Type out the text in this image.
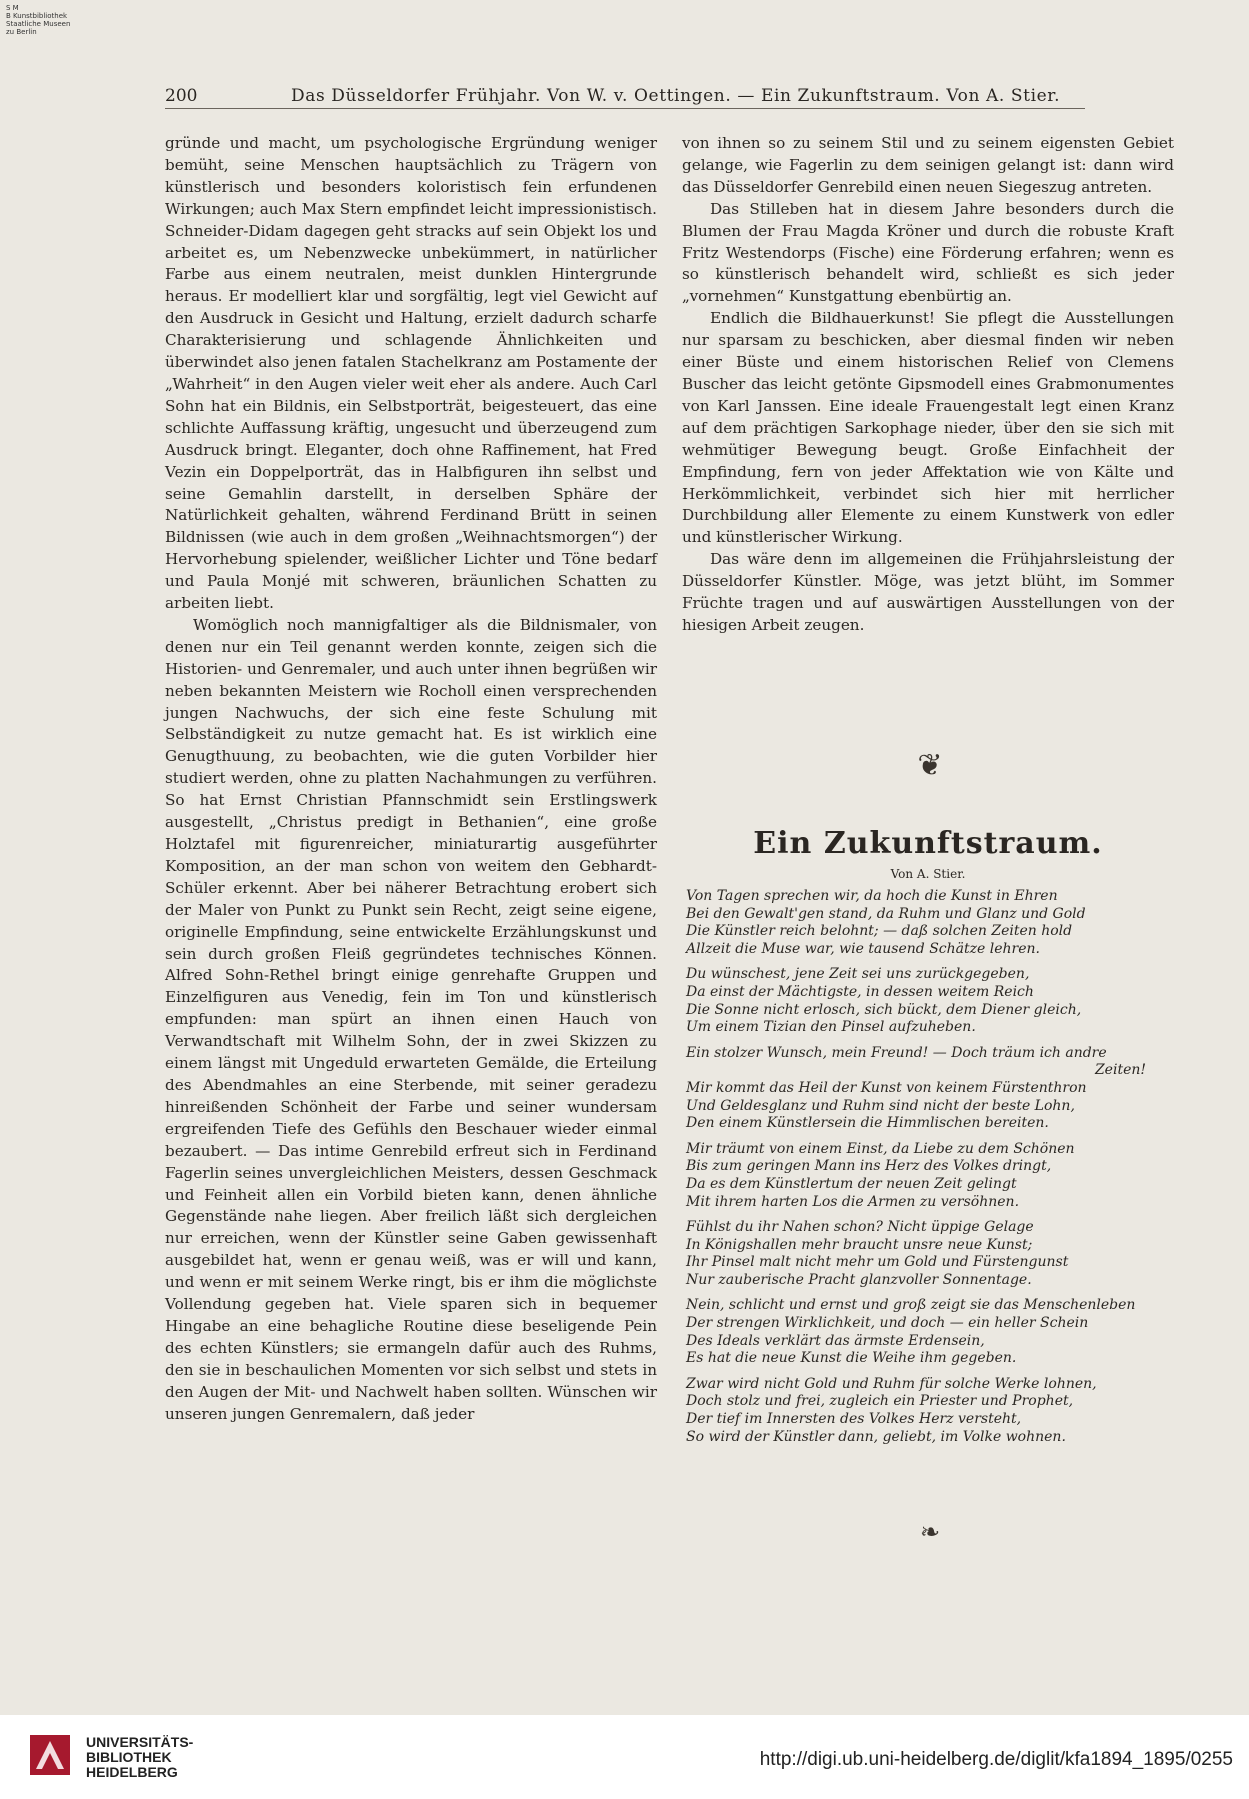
S M
B Kunstbibliothek
Staatliche Museen
zu Berlin
200	Das Düsseldorfer Frühjahr. Von W. v. Oettingen. — Ein Zukunftstraum. Von A. Stier.

gründe und macht, um psychologische Ergründung weniger bemüht, seine Menschen hauptsächlich zu Trägern von künstlerisch und besonders koloristisch fein erfundenen Wirkungen; auch Max Stern empfindet leicht impressionistisch. Schneider-Didam dagegen geht stracks auf sein Objekt los und arbeitet es, um Nebenzwecke unbekümmert, in natürlicher Farbe aus einem neutralen, meist dunklen Hintergrunde heraus. Er modelliert klar und sorgfältig, legt viel Gewicht auf den Ausdruck in Gesicht und Haltung, erzielt dadurch scharfe Charakterisierung und schlagende Ähnlichkeiten und überwindet also jenen fatalen Stachelkranz am Postamente der „Wahrheit“ in den Augen vieler weit eher als andere. Auch Carl Sohn hat ein Bildnis, ein Selbstporträt, beigesteuert, das eine schlichte Auffassung kräftig, ungesucht und überzeugend zum Ausdruck bringt. Eleganter, doch ohne Raffinement, hat Fred Vezin ein Doppelporträt, das in Halbfiguren ihn selbst und seine Gemahlin darstellt, in derselben Sphäre der Natürlichkeit gehalten, während Ferdinand Brütt in seinen Bildnissen (wie auch in dem großen „Weihnachtsmorgen“) der Hervorhebung spielender, weißlicher Lichter und Töne bedarf und Paula Monjé mit schweren, bräunlichen Schatten zu arbeiten liebt.

Womöglich noch mannigfaltiger als die Bildnismaler, von denen nur ein Teil genannt werden konnte, zeigen sich die Historien- und Genremaler, und auch unter ihnen begrüßen wir neben bekannten Meistern wie Rocholl einen versprechenden jungen Nachwuchs, der sich eine feste Schulung mit Selbständigkeit zu nutze gemacht hat. Es ist wirklich eine Genugthuung, zu beobachten, wie die guten Vorbilder hier studiert werden, ohne zu platten Nachahmungen zu verführen. So hat Ernst Christian Pfannschmidt sein Erstlingswerk ausgestellt, „Christus predigt in Bethanien“, eine große Holztafel mit figurenreicher, miniaturartig ausgeführter Komposition, an der man schon von weitem den Gebhardt-Schüler erkennt. Aber bei näherer Betrachtung erobert sich der Maler von Punkt zu Punkt sein Recht, zeigt seine eigene, originelle Empfindung, seine entwickelte Erzählungskunst und sein durch großen Fleiß gegründetes technisches Können. Alfred Sohn-Rethel bringt einige genrehafte Gruppen und Einzelfiguren aus Venedig, fein im Ton und künstlerisch empfunden: man spürt an ihnen einen Hauch von Verwandtschaft mit Wilhelm Sohn, der in zwei Skizzen zu einem längst mit Ungeduld erwarteten Gemälde, die Erteilung des Abendmahles an eine Sterbende, mit seiner geradezu hinreißenden Schönheit der Farbe und seiner wundersam ergreifenden Tiefe des Gefühls den Beschauer wieder einmal bezaubert. — Das intime Genrebild erfreut sich in Ferdinand Fagerlin seines unvergleichlichen Meisters, dessen Geschmack und Feinheit allen ein Vorbild bieten kann, denen ähnliche Gegenstände nahe liegen. Aber freilich läßt sich dergleichen nur erreichen, wenn der Künstler seine Gaben gewissenhaft ausgebildet hat, wenn er genau weiß, was er will und kann, und wenn er mit seinem Werke ringt, bis er ihm die möglichste Vollendung gegeben hat. Viele sparen sich in bequemer Hingabe an eine behagliche Routine diese beseligende Pein des echten Künstlers; sie ermangeln dafür auch des Ruhms, den sie in beschaulichen Momenten vor sich selbst und stets in den Augen der Mit- und Nachwelt haben sollten. Wünschen wir unseren jungen Genremalern, daß jeder

von ihnen so zu seinem Stil und zu seinem eigensten Gebiet gelange, wie Fagerlin zu dem seinigen gelangt ist: dann wird das Düsseldorfer Genrebild einen neuen Siegeszug antreten.

Das Stilleben hat in diesem Jahre besonders durch die Blumen der Frau Magda Kröner und durch die robuste Kraft Fritz Westendorps (Fische) eine Förderung erfahren; wenn es so künstlerisch behandelt wird, schließt es sich jeder „vornehmen“ Kunstgattung ebenbürtig an.

Endlich die Bildhauerkunst! Sie pflegt die Ausstellungen nur sparsam zu beschicken, aber diesmal finden wir neben einer Büste und einem historischen Relief von Clemens Buscher das leicht getönte Gipsmodell eines Grabmonumentes von Karl Janssen. Eine ideale Frauengestalt legt einen Kranz auf dem prächtigen Sarkophage nieder, über den sie sich mit wehmütiger Bewegung beugt. Große Einfachheit der Empfindung, fern von jeder Affektation wie von Kälte und Herkömmlichkeit, verbindet sich hier mit herrlicher Durchbildung aller Elemente zu einem Kunstwerk von edler und künstlerischer Wirkung.

Das wäre denn im allgemeinen die Frühjahrsleistung der Düsseldorfer Künstler. Möge, was jetzt blüht, im Sommer Früchte tragen und auf auswärtigen Ausstellungen von der hiesigen Arbeit zeugen.

❦
Ein Zukunftstraum.
Von A. Stier.
Von Tagen sprechen wir, da hoch die Kunst in Ehren
Bei den Gewalt'gen stand, da Ruhm und Glanz und Gold
Die Künstler reich belohnt; — daß solchen Zeiten hold
Allzeit die Muse war, wie tausend Schätze lehren.
Du wünschest, jene Zeit sei uns zurückgegeben,
Da einst der Mächtigste, in dessen weitem Reich
Die Sonne nicht erlosch, sich bückt, dem Diener gleich,
Um einem Tizian den Pinsel aufzuheben.
Ein stolzer Wunsch, mein Freund! — Doch träum ich andre
Zeiten!
Mir kommt das Heil der Kunst von keinem Fürstenthron
Und Geldesglanz und Ruhm sind nicht der beste Lohn,
Den einem Künstlersein die Himmlischen bereiten.
Mir träumt von einem Einst, da Liebe zu dem Schönen
Bis zum geringen Mann ins Herz des Volkes dringt,
Da es dem Künstlertum der neuen Zeit gelingt
Mit ihrem harten Los die Armen zu versöhnen.
Fühlst du ihr Nahen schon? Nicht üppige Gelage
In Königshallen mehr braucht unsre neue Kunst;
Ihr Pinsel malt nicht mehr um Gold und Fürstengunst
Nur zauberische Pracht glanzvoller Sonnentage.
Nein, schlicht und ernst und groß zeigt sie das Menschenleben
Der strengen Wirklichkeit, und doch — ein heller Schein
Des Ideals verklärt das ärmste Erdensein,
Es hat die neue Kunst die Weihe ihm gegeben.
Zwar wird nicht Gold und Ruhm für solche Werke lohnen,
Doch stolz und frei, zugleich ein Priester und Prophet,
Der tief im Innersten des Volkes Herz versteht,
So wird der Künstler dann, geliebt, im Volke wohnen.
❧
UNIVERSITÄTS-
BIBLIOTHEK
HEIDELBERG
http://digi.ub.uni-heidelberg.de/diglit/kfa1894_1895/0255
